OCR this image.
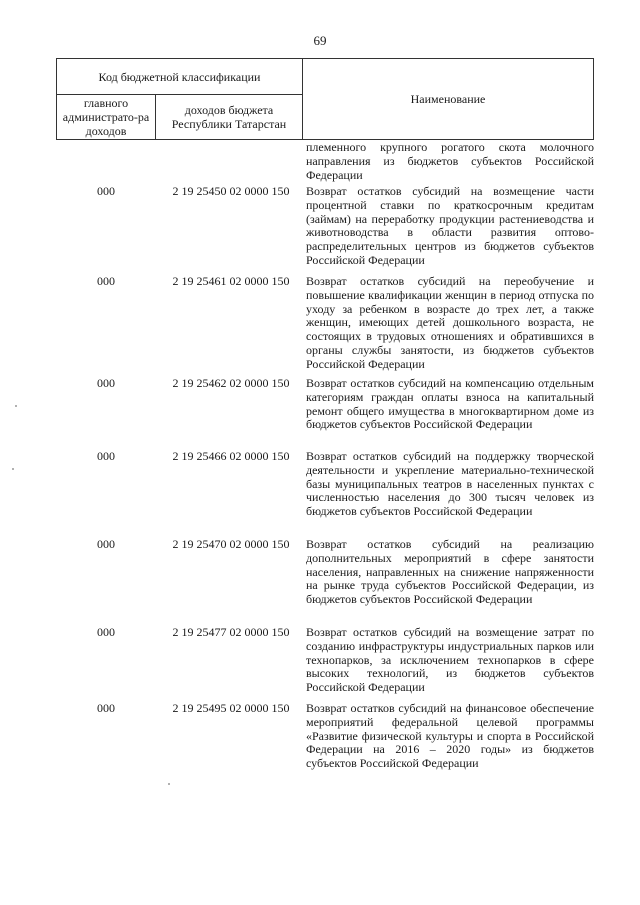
69
Код бюджетной классификации
главного администрато-ра доходов
доходов бюджета Республики Татарстан
Наименование
племенного крупного рогатого скота молочного направления из бюджетов субъектов Российской Федерации
000	2 19 25450 02 0000 150	Возврат остатков субсидий на возмещение части процентной ставки по краткосрочным кредитам (займам) на переработку продукции растениеводства и животноводства в области развития оптово-распределительных центров из бюджетов субъектов Российской Федерации
000	2 19 25461 02 0000 150	Возврат остатков субсидий на переобучение и повышение квалификации женщин в период отпуска по уходу за ребенком в возрасте до трех лет, а также женщин, имеющих детей дошкольного возраста, не состоящих в трудовых отношениях и обратившихся в органы службы занятости, из бюджетов субъектов Российской Федерации
000	2 19 25462 02 0000 150	Возврат остатков субсидий на компенсацию отдельным категориям граждан оплаты взноса на капитальный ремонт общего имущества в многоквартирном доме из бюджетов субъектов Российской Федерации
000	2 19 25466 02 0000 150	Возврат остатков субсидий на поддержку творческой деятельности и укрепление материально-технической базы муниципальных театров в населенных пунктах с численностью населения до 300 тысяч человек из бюджетов субъектов Российской Федерации
000	2 19 25470 02 0000 150	Возврат остатков субсидий на реализацию дополнительных мероприятий в сфере занятости населения, направленных на снижение напряженности на рынке труда субъектов Российской Федерации, из бюджетов субъектов Российской Федерации
000	2 19 25477 02 0000 150	Возврат остатков субсидий на возмещение затрат по созданию инфраструктуры индустриальных парков или технопарков, за исключением технопарков в сфере высоких технологий, из бюджетов субъектов Российской Федерации
000	2 19 25495 02 0000 150	Возврат остатков субсидий на финансовое обеспечение мероприятий федеральной целевой программы «Развитие физической культуры и спорта в Российской Федерации на 2016 – 2020 годы» из бюджетов субъектов Российской Федерации
